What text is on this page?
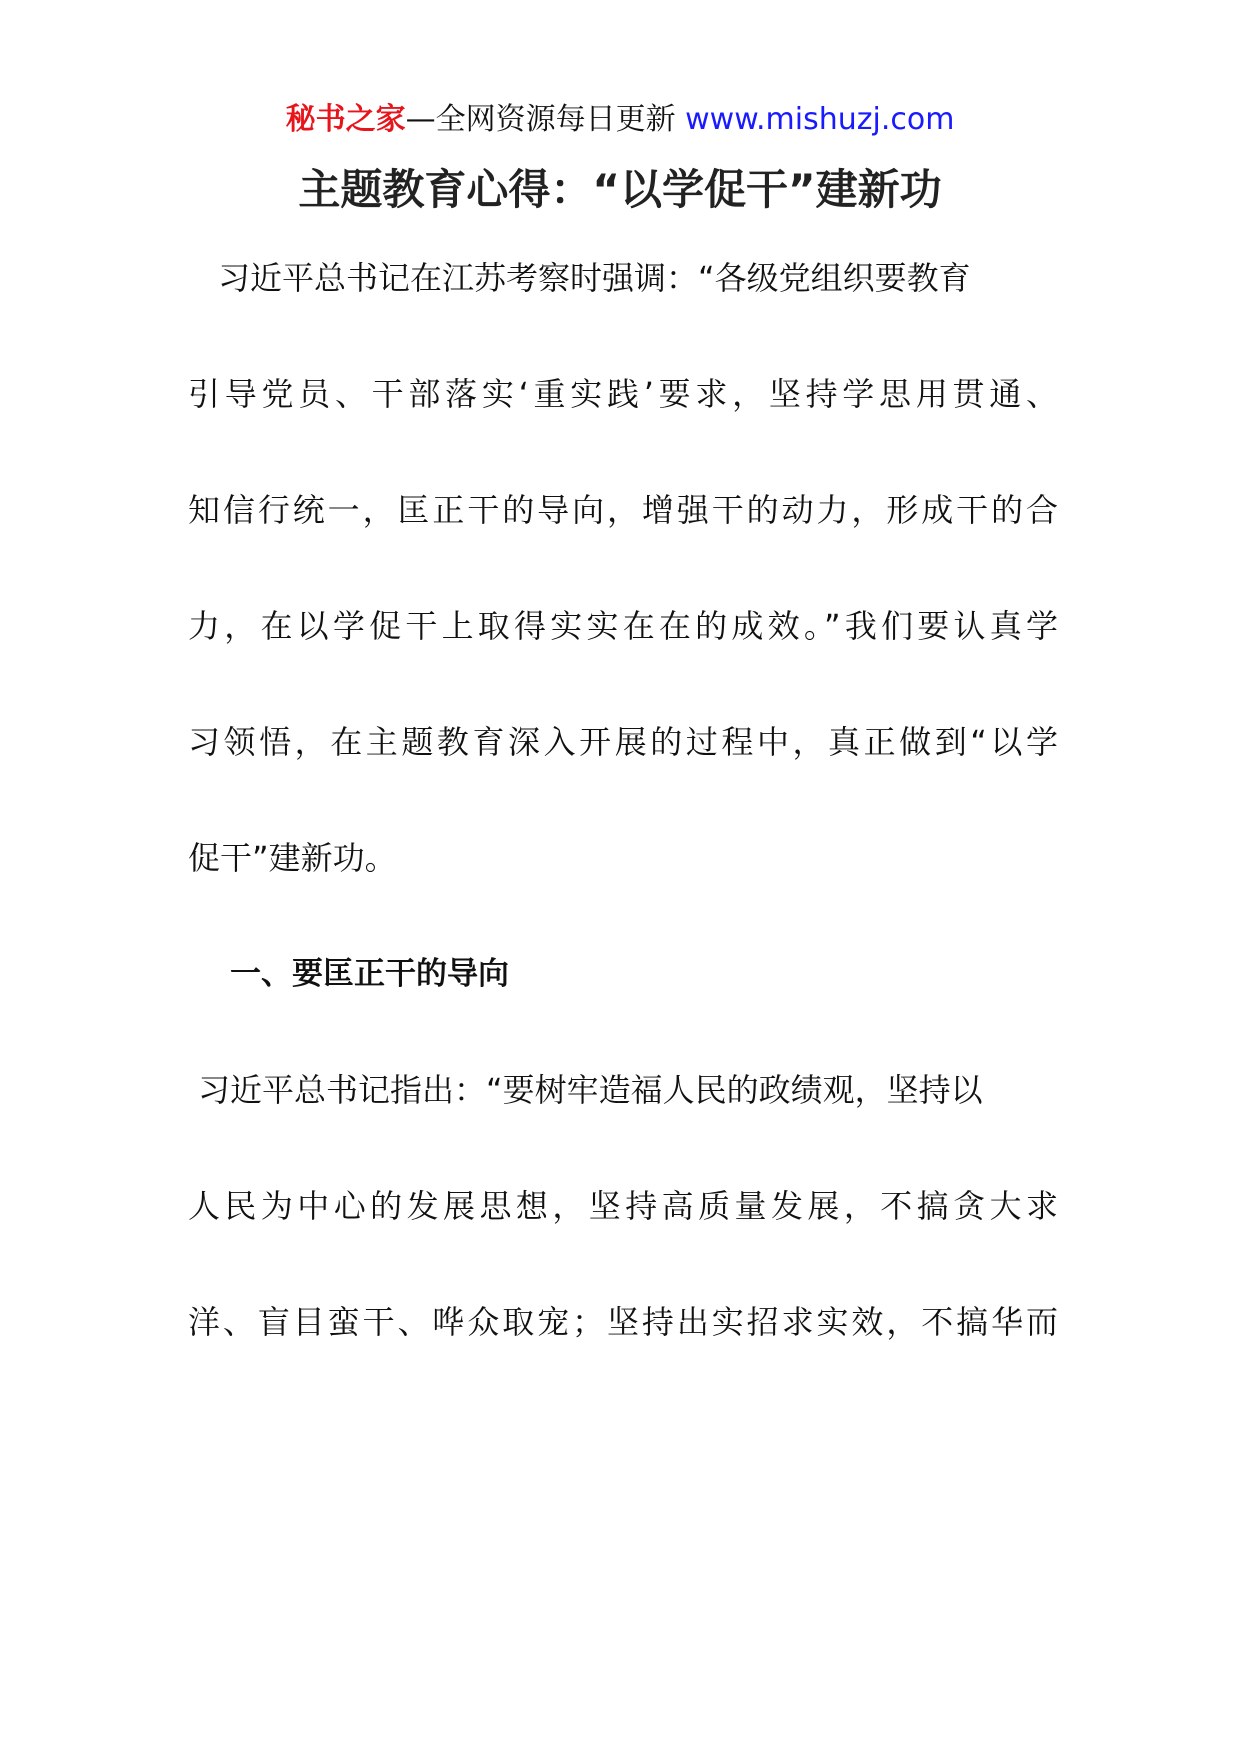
秘书之家—全网资源每日更新 www.mishuzj.com
主题教育心得：“以学促干”建新功
习近平总书记在江苏考察时强调：“各级党组织要教育
引导党员、干部落实‘重实践’要求，坚持学思用贯通、
知信行统一，匡正干的导向，增强干的动力，形成干的合
力，在以学促干上取得实实在在的成效。”我们要认真学
习领悟，在主题教育深入开展的过程中，真正做到“以学
促干”建新功。
一、要匡正干的导向
习近平总书记指出：“要树牢造福人民的政绩观，坚持以
人民为中心的发展思想，坚持高质量发展，不搞贪大求
洋、盲目蛮干、哗众取宠；坚持出实招求实效，不搞华而
